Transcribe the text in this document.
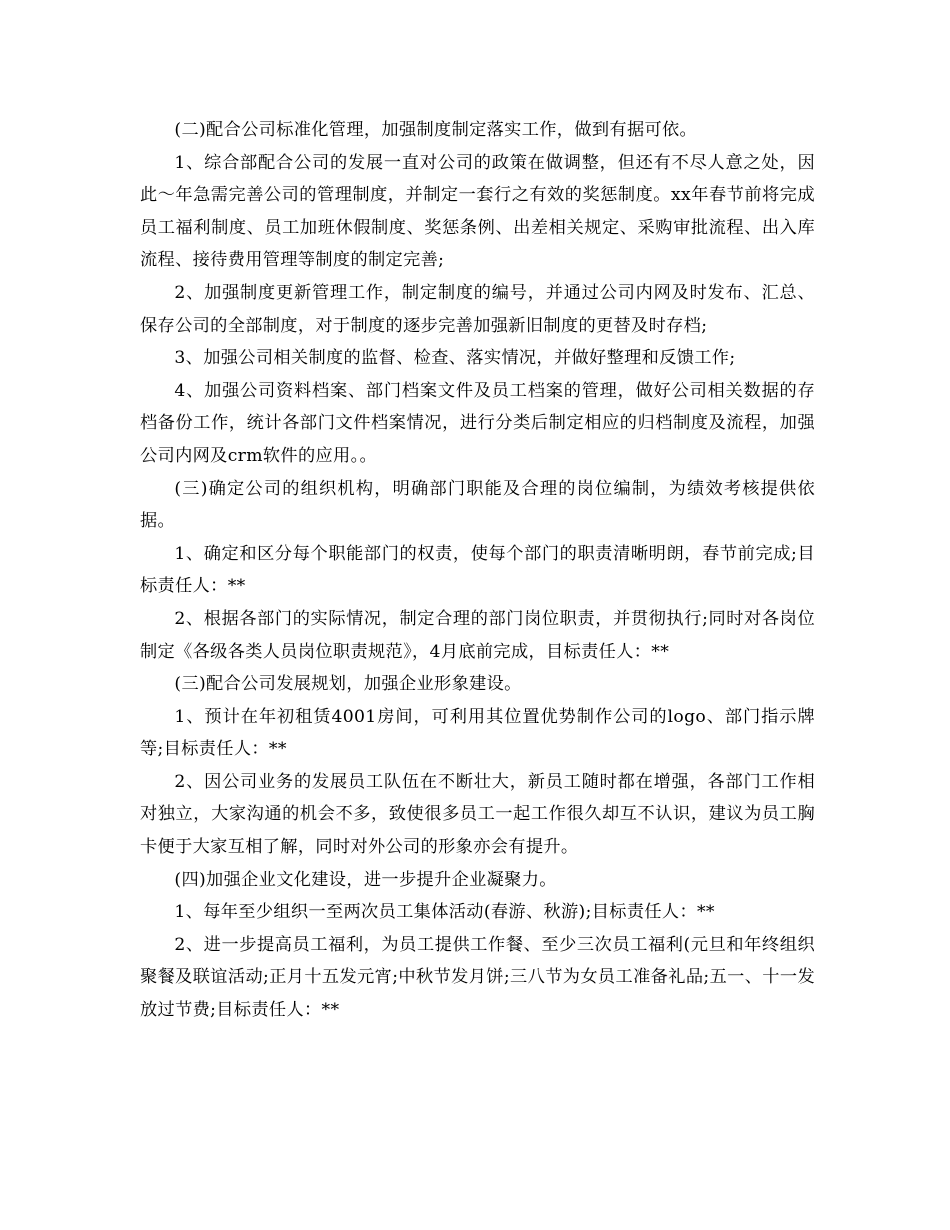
(二)配合公司标准化管理，加强制度制定落实工作，做到有据可依。

1、综合部配合公司的发展一直对公司的政策在做调整，但还有不尽人意之处，因此～年急需完善公司的管理制度，并制定一套行之有效的奖惩制度。xx年春节前将完成员工福利制度、员工加班休假制度、奖惩条例、出差相关规定、采购审批流程、出入库流程、接待费用管理等制度的制定完善;

2、加强制度更新管理工作，制定制度的编号，并通过公司内网及时发布、汇总、保存公司的全部制度，对于制度的逐步完善加强新旧制度的更替及时存档;

3、加强公司相关制度的监督、检查、落实情况，并做好整理和反馈工作;

4、加强公司资料档案、部门档案文件及员工档案的管理，做好公司相关数据的存档备份工作，统计各部门文件档案情况，进行分类后制定相应的归档制度及流程，加强公司内网及crm软件的应用。。

(三)确定公司的组织机构，明确部门职能及合理的岗位编制，为绩效考核提供依据。

1、确定和区分每个职能部门的权责，使每个部门的职责清晰明朗，春节前完成;目标责任人：**

2、根据各部门的实际情况，制定合理的部门岗位职责，并贯彻执行;同时对各岗位制定《各级各类人员岗位职责规范》，4月底前完成，目标责任人：**

(三)配合公司发展规划，加强企业形象建设。

1、预计在年初租赁4001房间，可利用其位置优势制作公司的logo、部门指示牌等;目标责任人：**

2、因公司业务的发展员工队伍在不断壮大，新员工随时都在增强，各部门工作相对独立，大家沟通的机会不多，致使很多员工一起工作很久却互不认识，建议为员工胸卡便于大家互相了解，同时对外公司的形象亦会有提升。

(四)加强企业文化建设，进一步提升企业凝聚力。

1、每年至少组织一至两次员工集体活动(春游、秋游);目标责任人：**

2、进一步提高员工福利，为员工提供工作餐、至少三次员工福利(元旦和年终组织聚餐及联谊活动;正月十五发元宵;中秋节发月饼;三八节为女员工准备礼品;五一、十一发放过节费;目标责任人：**
